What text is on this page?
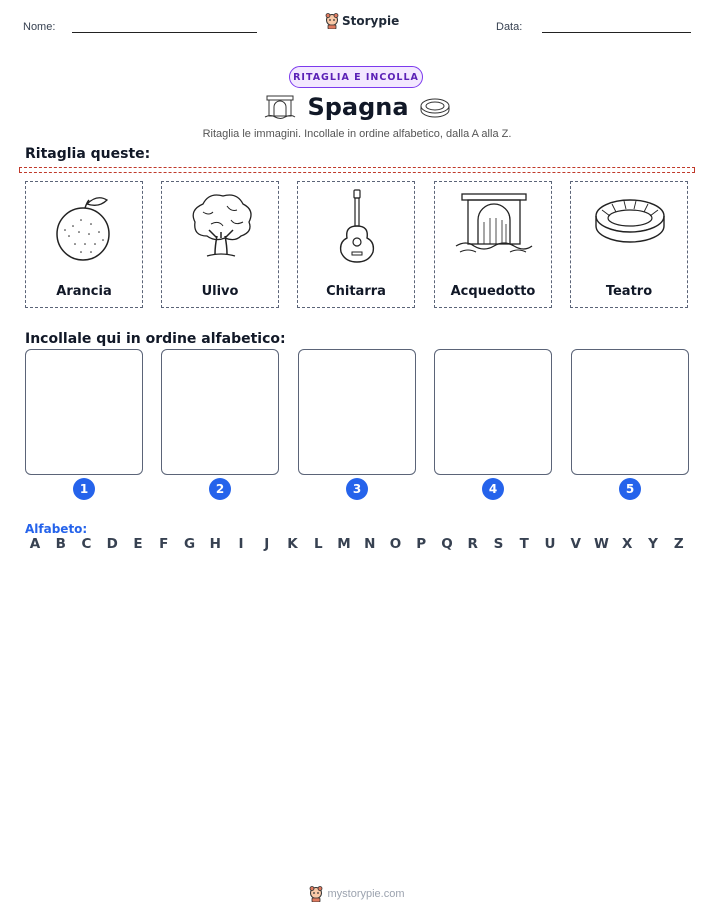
Nome:	Storypie	Data:
RITAGLIA E INCOLLA
Spagna
Ritaglia le immagini. Incollale in ordine alfabetico, dalla A alla Z.
Ritaglia queste:
Arancia	Ulivo	Chitarra	Acquedotto	Teatro
Incollale qui in ordine alfabetico:
1	2	3	4	5
Alfabeto:
A	B	C	D	E	F	G	H	I	J	K	L	M N	O	P	Q	R	S	T	U	V W X	Y	Z
mystorypie.com
